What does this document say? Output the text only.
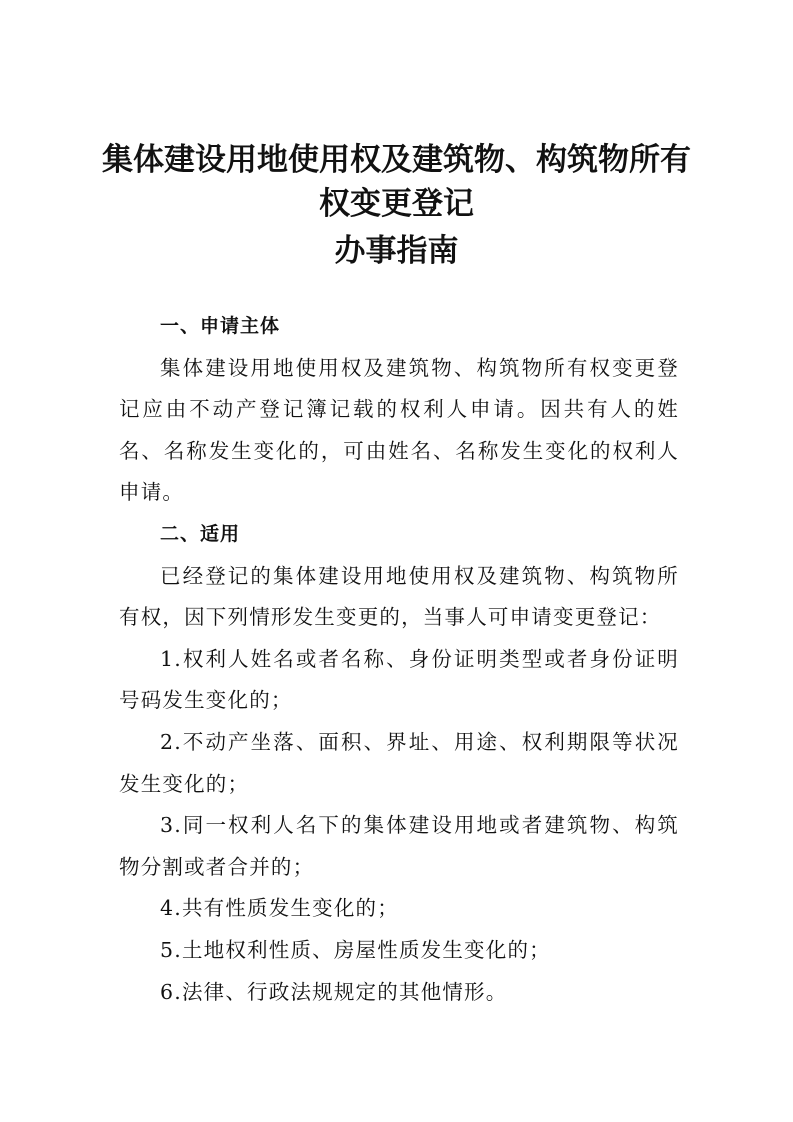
集体建设用地使用权及建筑物、构筑物所有
权变更登记
办事指南
一、申请主体
集体建设用地使用权及建筑物、构筑物所有权变更登记应由不动产登记簿记载的权利人申请。因共有人的姓名、名称发生变化的，可由姓名、名称发生变化的权利人申请。
二、适用
已经登记的集体建设用地使用权及建筑物、构筑物所有权，因下列情形发生变更的，当事人可申请变更登记：
1.权利人姓名或者名称、身份证明类型或者身份证明号码发生变化的；
2.不动产坐落、面积、界址、用途、权利期限等状况发生变化的；
3.同一权利人名下的集体建设用地或者建筑物、构筑物分割或者合并的；
4.共有性质发生变化的；
5.土地权利性质、房屋性质发生变化的；
6.法律、行政法规规定的其他情形。
